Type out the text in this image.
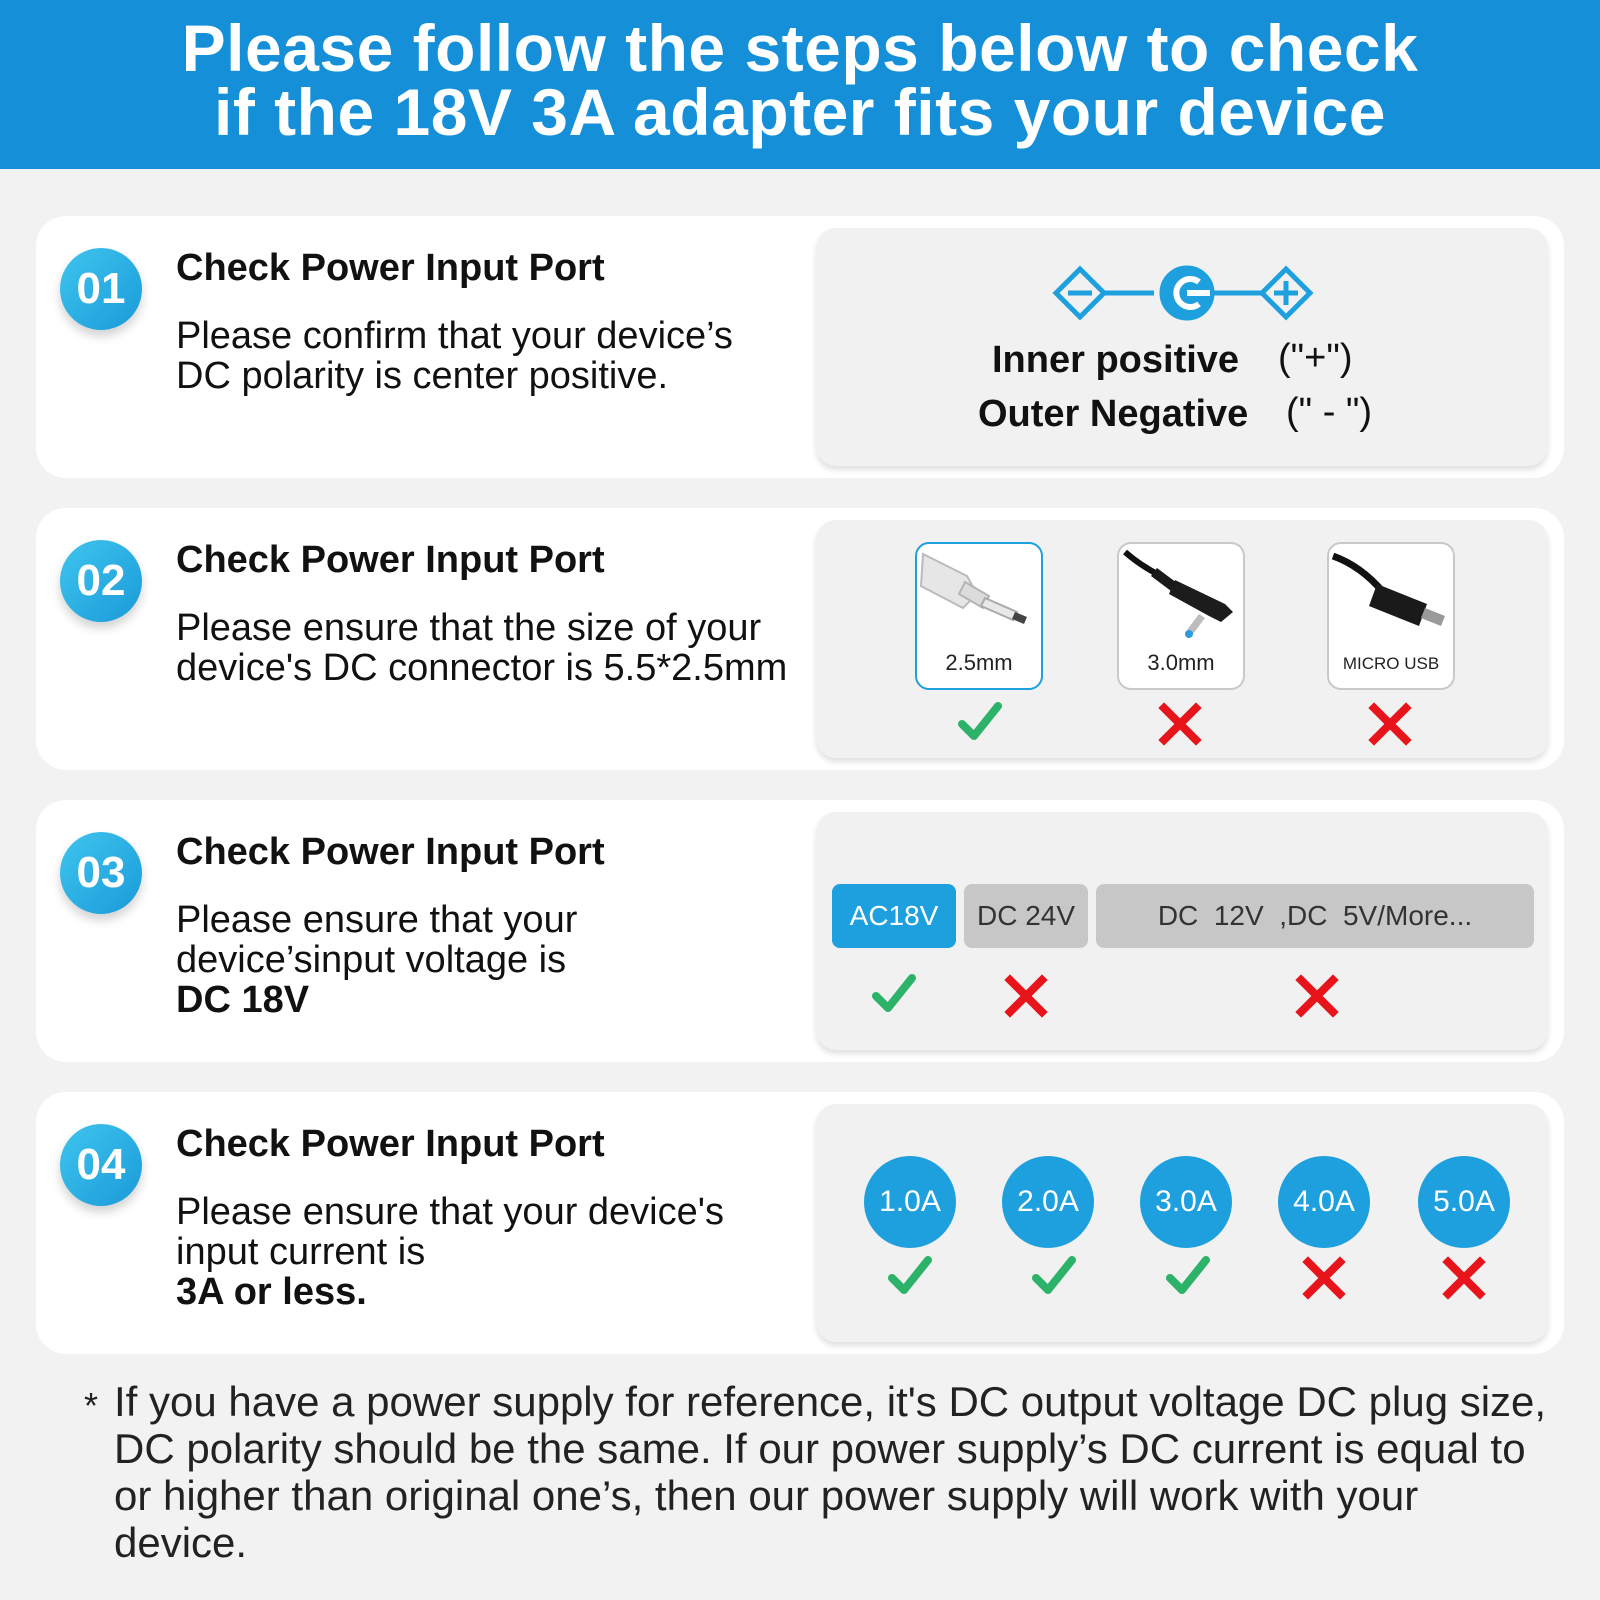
Please follow the steps below to check
if the 18V 3A adapter fits your device
01	Check Power Input Port
Please confirm that your device’s DC polarity is center positive.	Inner positive ("+")
Outer Negative (" - ")
02	Check Power Input Port
Please ensure that the size of your device's DC connector is 5.5*2.5mm	2.5mm	3.0mm	MICRO USB
03	Check Power Input Port
Please ensure that your device’sinput voltage is
DC 18V
AC18V	DC 24V	DC  12V  ,DC  5V/More...
04	Check Power Input Port
Please ensure that your device's input current is
3A or less.
1.0A	2.0A	3.0A	4.0A	5.0A
* If you have a power supply for reference, it's DC output voltage DC plug size, DC polarity should be the same. If our power supply’s DC current is equal to or higher than original one’s, then our power supply will work with your device.
